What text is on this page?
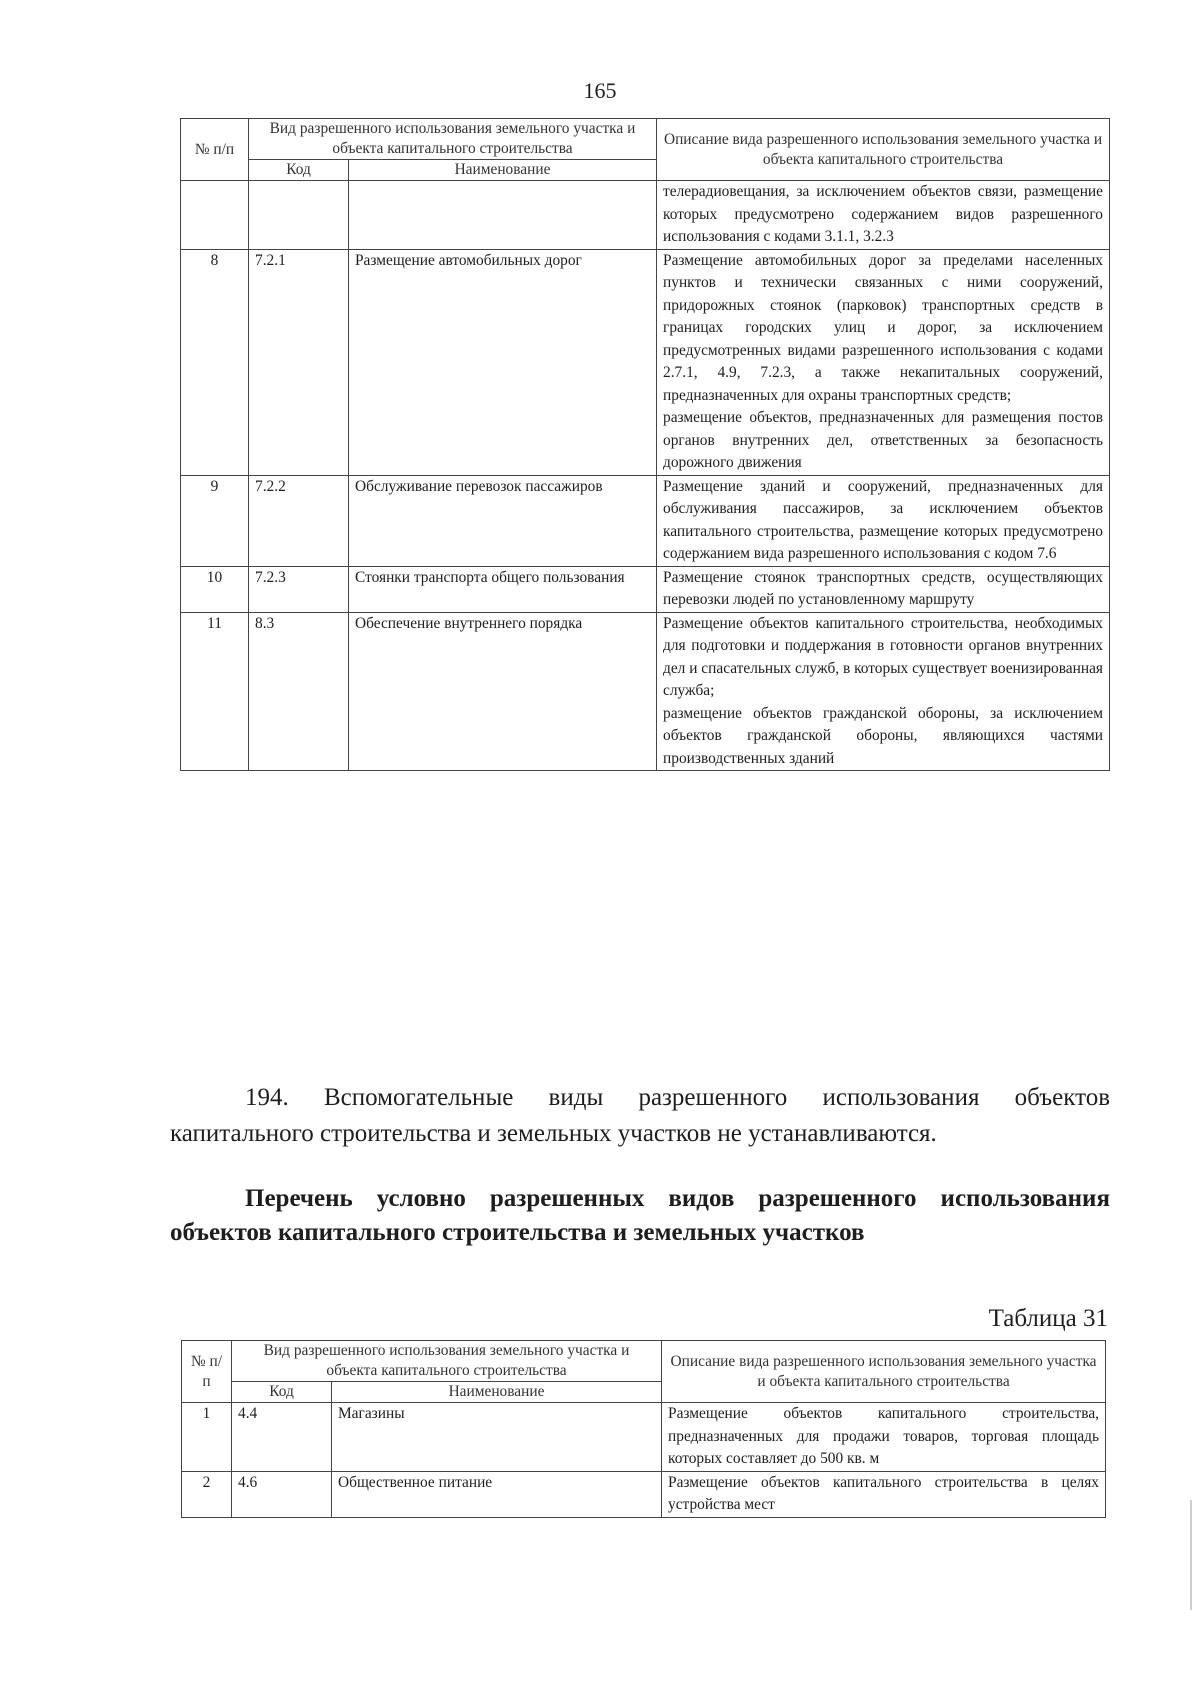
165
№ п/п	Вид разрешенного использования земельного участка и объекта капитального строительства		Описание вида разрешенного использования земельного участка и объекта капитального строительства
	Код	Наименование	

			телерадиовещания, за исключением объектов связи, размещение которых предусмотрено содержанием видов разрешенного использования с кодами 3.1.1, 3.2.3

8	7.2.1	Размещение автомобильных дорог	Размещение автомобильных дорог за пределами населенных пунктов и технически связанных с ними сооружений, придорожных стоянок (парковок) транспортных средств в границах городских улиц и дорог, за исключением предусмотренных видами разрешенного использования с кодами 2.7.1, 4.9, 7.2.3, а также некапитальных сооружений, предназначенных для охраны транспортных средств;

размещение объектов, предназначенных для размещения постов органов внутренних дел, ответственных за безопасность дорожного движения

9	7.2.2	Обслуживание перевозок пассажиров	Размещение зданий и сооружений, предназначенных для обслуживания пассажиров, за исключением объектов капитального строительства, размещение которых предусмотрено содержанием вида разрешенного использования с кодом 7.6

10	7.2.3	Стоянки транспорта общего пользования	Размещение стоянок транспортных средств, осуществляющих перевозки людей по установленному маршруту

11	8.3	Обеспечение внутреннего порядка	Размещение объектов капитального строительства, необходимых для подготовки и поддержания в готовности органов внутренних дел и спасательных служб, в которых существует военизированная служба;

размещение объектов гражданской обороны, за исключением объектов гражданской обороны, являющихся частями производственных зданий

194. Вспомогательные виды разрешенного использования объектов капитального строительства и земельных участков не устанавливаются.

Перечень условно разрешенных видов разрешенного использования объектов капитального строительства и земельных участков

Таблица 31
№ п/п	Вид разрешенного использования земельного участка и объекта капитального строительства		Описание вида разрешенного использования земельного участка и объекта капитального строительства
	Код	Наименование	
1	4.4	Магазины	Размещение объектов капитального строительства, предназначенных для продажи товаров, торговая площадь которых составляет до 500 кв. м

2	4.6	Общественное питание	Размещение объектов капитального строительства в целях устройства мест
